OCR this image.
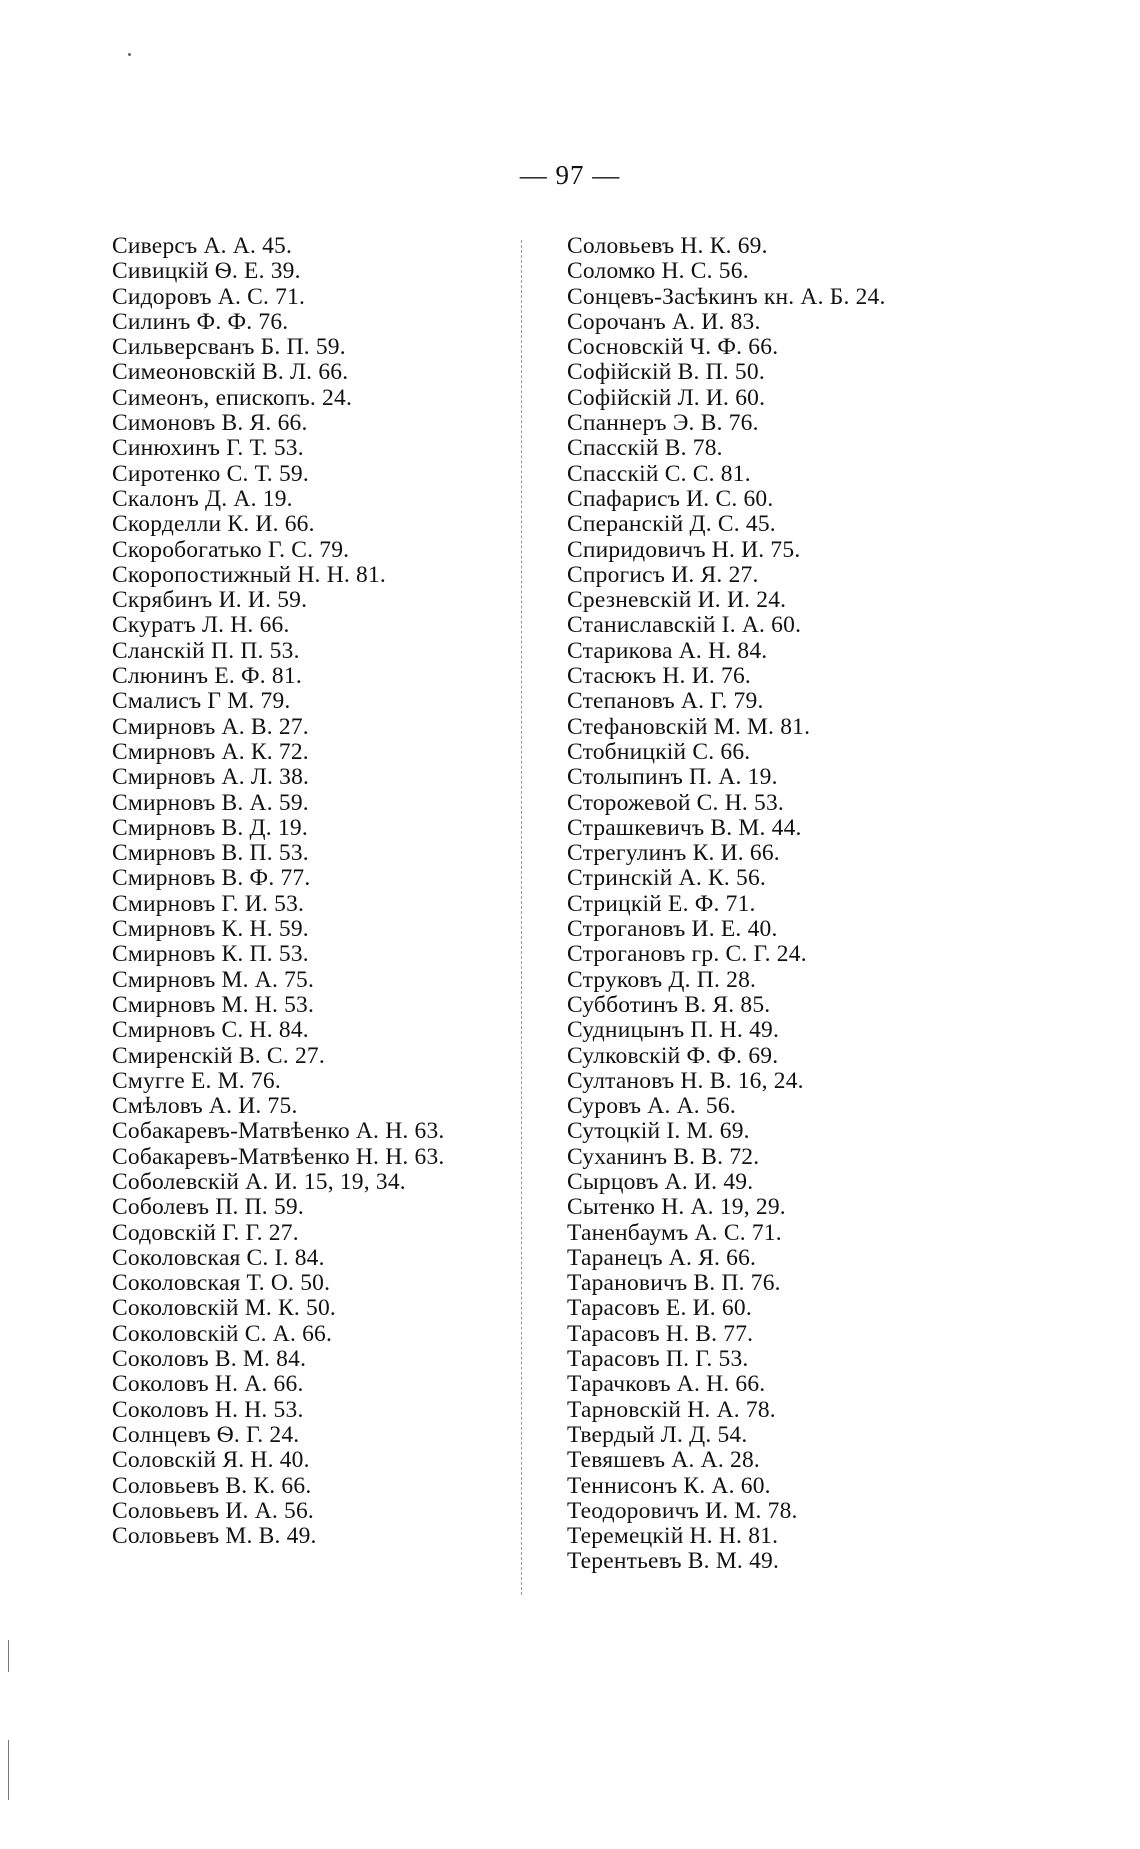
— 97 —
Сиверсъ А. А. 45.
Сивицкій Ѳ. Е. 39.
Сидоровъ А. С. 71.
Силинъ Ф. Ф. 76.
Сильверсванъ Б. П. 59.
Симеоновскій В. Л. 66.
Симеонъ, епископъ. 24.
Симоновъ В. Я. 66.
Синюхинъ Г. Т. 53.
Сиротенко С. Т. 59.
Скалонъ Д. А. 19.
Скорделли К. И. 66.
Скоробогатько Г. С. 79.
Скоропостижный Н. Н. 81.
Скрябинъ И. И. 59.
Скуратъ Л. Н. 66.
Сланскій П. П. 53.
Слюнинъ Е. Ф. 81.
Смалисъ Г М. 79.
Смирновъ А. В. 27.
Смирновъ А. К. 72.
Смирновъ А. Л. 38.
Смирновъ В. А. 59.
Смирновъ В. Д. 19.
Смирновъ В. П. 53.
Смирновъ В. Ф. 77.
Смирновъ Г. И. 53.
Смирновъ К. Н. 59.
Смирновъ К. П. 53.
Смирновъ М. А. 75.
Смирновъ М. Н. 53.
Смирновъ С. Н. 84.
Смиренскій В. С. 27.
Смугге Е. М. 76.
Смѣловъ А. И. 75.
Собакаревъ-Матвѣенко А. Н. 63.
Собакаревъ-Матвѣенко Н. Н. 63.
Соболевскій А. И. 15, 19, 34.
Соболевъ П. П. 59.
Содовскій Г. Г. 27.
Соколовская С. І. 84.
Соколовская Т. О. 50.
Соколовскій М. К. 50.
Соколовскій С. А. 66.
Соколовъ В. М. 84.
Соколовъ Н. А. 66.
Соколовъ Н. Н. 53.
Солнцевъ Ѳ. Г. 24.
Соловскій Я. Н. 40.
Соловьевъ В. К. 66.
Соловьевъ И. А. 56.
Соловьевъ М. В. 49.
Соловьевъ Н. К. 69.
Соломко Н. С. 56.
Сонцевъ-Засѣкинъ кн. А. Б. 24.
Сорочанъ А. И. 83.
Сосновскій Ч. Ф. 66.
Софійскій В. П. 50.
Софійскій Л. И. 60.
Спаннеръ Э. В. 76.
Спасскій В. 78.
Спасскій С. С. 81.
Спафарисъ И. С. 60.
Сперанскій Д. С. 45.
Спиридовичъ Н. И. 75.
Спрогисъ И. Я. 27.
Срезневскій И. И. 24.
Станиславскій І. А. 60.
Старикова А. Н. 84.
Стасюкъ Н. И. 76.
Степановъ А. Г. 79.
Стефановскій М. М. 81.
Стобницкій С. 66.
Столыпинъ П. А. 19.
Сторожевой С. Н. 53.
Страшкевичъ В. М. 44.
Стрегулинъ К. И. 66.
Стринскій А. К. 56.
Стрицкій Е. Ф. 71.
Строгановъ И. Е. 40.
Строгановъ гр. С. Г. 24.
Струковъ Д. П. 28.
Субботинъ В. Я. 85.
Судницынъ П. Н. 49.
Сулковскій Ф. Ф. 69.
Султановъ Н. В. 16, 24.
Суровъ А. А. 56.
Сутоцкій І. М. 69.
Суханинъ В. В. 72.
Сырцовъ А. И. 49.
Сытенко Н. А. 19, 29.
Таненбаумъ А. С. 71.
Таранецъ А. Я. 66.
Тарановичъ В. П. 76.
Тарасовъ Е. И. 60.
Тарасовъ Н. В. 77.
Тарасовъ П. Г. 53.
Тарачковъ А. Н. 66.
Тарновскій Н. А. 78.
Твердый Л. Д. 54.
Тевяшевъ А. А. 28.
Теннисонъ К. А. 60.
Теодоровичъ И. М. 78.
Теремецкій Н. Н. 81.
Терентьевъ В. М. 49.
